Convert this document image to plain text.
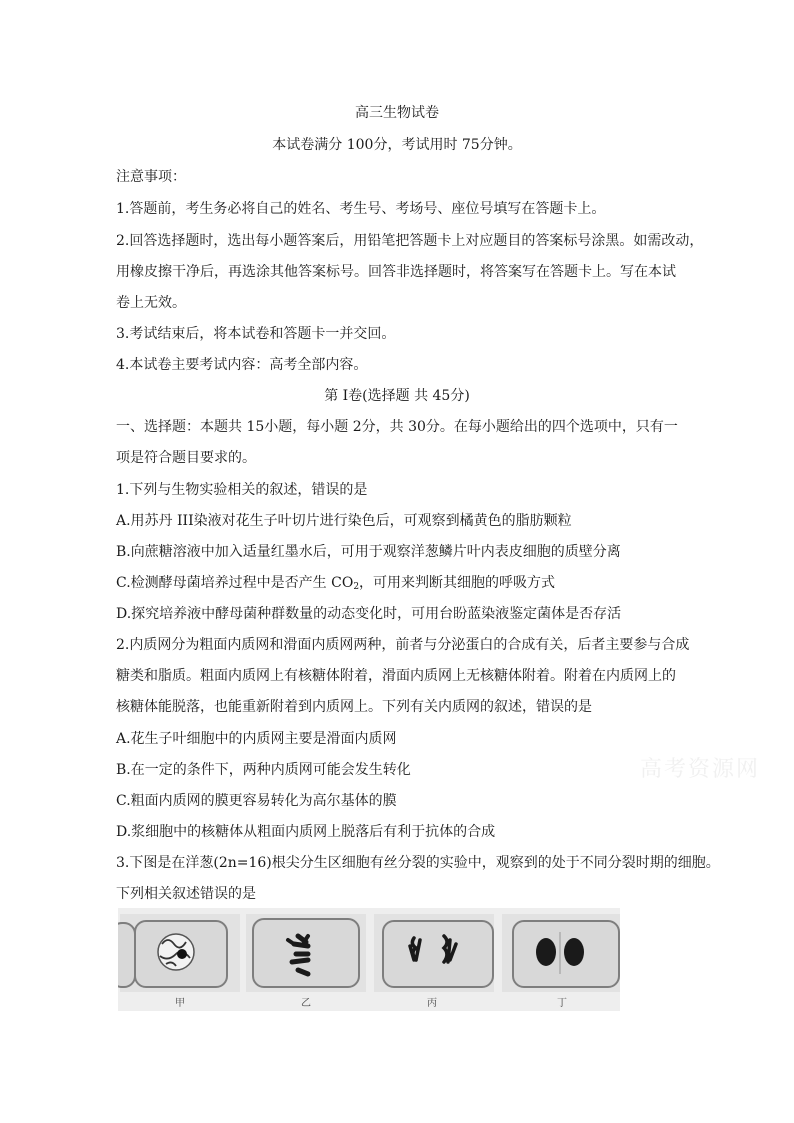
高三生物试卷
本试卷满分 100分，考试用时 75分钟。
注意事项：
1.答题前，考生务必将自己的姓名、考生号、考场号、座位号填写在答题卡上。
2.回答选择题时，选出每小题答案后，用铅笔把答题卡上对应题目的答案标号涂黑。如需改动，
用橡皮擦干净后，再选涂其他答案标号。回答非选择题时，将答案写在答题卡上。写在本试
卷上无效。
3.考试结束后，将本试卷和答题卡一并交回。
4.本试卷主要考试内容：高考全部内容。
第 I卷(选择题 共 45分)
一、选择题：本题共 15小题，每小题 2分，共 30分。在每小题给出的四个选项中，只有一
项是符合题目要求的。
1.下列与生物实验相关的叙述，错误的是
A.用苏丹 III染液对花生子叶切片进行染色后，可观察到橘黄色的脂肪颗粒
B.向蔗糖溶液中加入适量红墨水后，可用于观察洋葱鳞片叶内表皮细胞的质壁分离
C.检测酵母菌培养过程中是否产生 $CO_2$，可用来判断其细胞的呼吸方式
D.探究培养液中酵母菌种群数量的动态变化时，可用台盼蓝染液鉴定菌体是否存活
2.内质网分为粗面内质网和滑面内质网两种，前者与分泌蛋白的合成有关，后者主要参与合成
糖类和脂质。粗面内质网上有核糖体附着，滑面内质网上无核糖体附着。附着在内质网上的
核糖体能脱落，也能重新附着到内质网上。下列有关内质网的叙述，错误的是
A.花生子叶细胞中的内质网主要是滑面内质网
B.在一定的条件下，两种内质网可能会发生转化
C.粗面内质网的膜更容易转化为高尔基体的膜
D.浆细胞中的核糖体从粗面内质网上脱落后有利于抗体的合成
高考资源网
3.下图是在洋葱(2n=16)根尖分生区细胞有丝分裂的实验中，观察到的处于不同分裂时期的细胞。
下列相关叙述错误的是
甲	乙	丙	丁
